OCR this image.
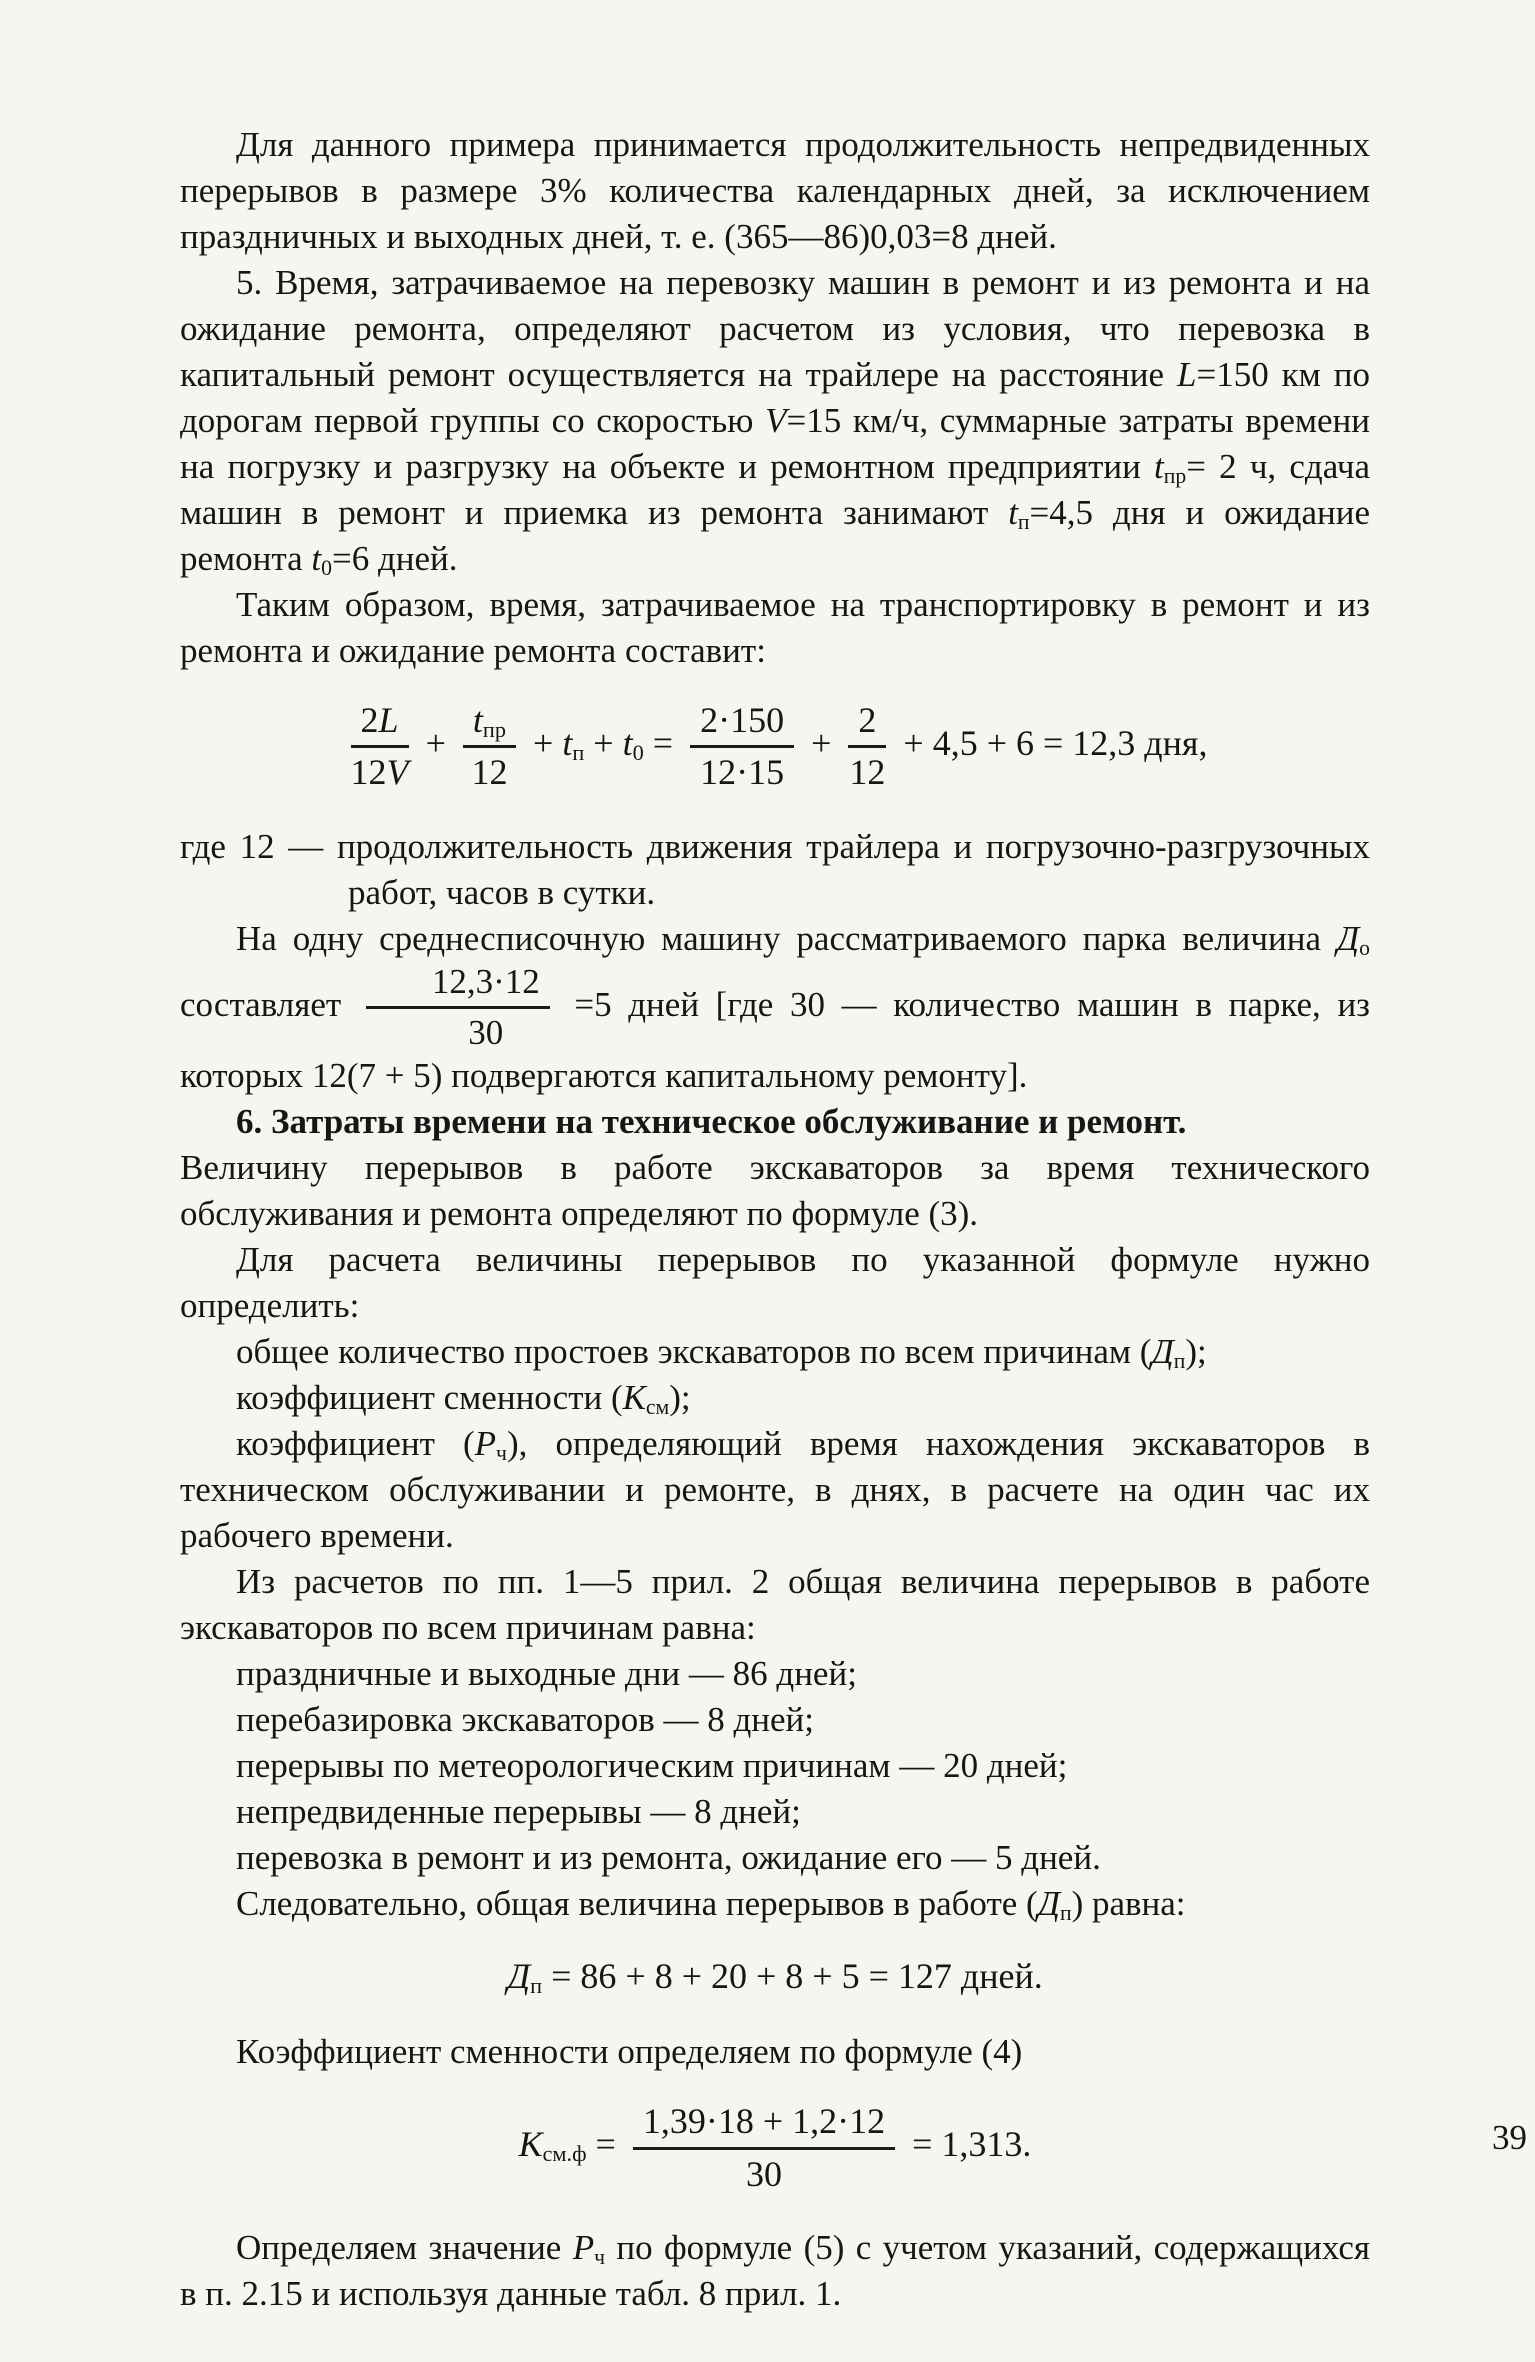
Для данного примера принимается продолжительность непредвиденных перерывов в размере 3% количества календарных дней, за исключением праздничных и выходных дней, т. е. (365—86)0,03=8 дней.

5. Время, затрачиваемое на перевозку машин в ремонт и из ремонта и на ожидание ремонта, определяют расчетом из условия, что перевозка в капитальный ремонт осуществляется на трайлере на расстояние L=150 км по дорогам первой группы со скоростью V=15 км/ч, суммарные затраты времени на погрузку и разгрузку на объекте и ремонтном предприятии $t_{пр}= 2$ ч, сдача машин в ремонт и приемка из ремонта занимают $t_п=4,5$ дня и ожидание ремонта $t_0=6$ дней.

Таким образом, время, затрачиваемое на транспортировку в ремонт и из ремонта и ожидание ремонта составит:

$\frac{2L}{12V} + \frac{t_{пр}}{12} + t_п + t_0 = \frac{2\cdot 150}{12\cdot 15} + \frac{2}{12} + 4,5 + 6 = 12,3$ дня,

где 12 — продолжительность движения трайлера и погрузочно-разгрузочных работ, часов в сутки.

На одну среднесписочную машину рассматриваемого парка величина $Д_о$ составляет $\frac{12,3\cdot 12}{30} =5$ дней [где 30 — количество машин в парке, из которых 12(7 + 5) подвергаются капитальному ремонту].

6. Затраты времени на техническое обслуживание и ремонт.

Величину перерывов в работе экскаваторов за время технического обслуживания и ремонта определяют по формуле (3).

Для расчета величины перерывов по указанной формуле нужно определить:

общее количество простоев экскаваторов по всем причинам $(Д_п)$;

коэффициент сменности $(К_{см})$;

коэффициент $(Р_ч)$, определяющий время нахождения экскаваторов в техническом обслуживании и ремонте, в днях, в расчете на один час их рабочего времени.

Из расчетов по пп. 1—5 прил. 2 общая величина перерывов в работе экскаваторов по всем причинам равна:

праздничные и выходные дни — 86 дней;

перебазировка экскаваторов — 8 дней;

перерывы по метеорологическим причинам — 20 дней;

непредвиденные перерывы — 8 дней;

перевозка в ремонт и из ремонта, ожидание его — 5 дней.

Следовательно, общая величина перерывов в работе $(Д_п)$ равна:

$Д_п = 86 + 8 + 20 + 8 + 5 = 127$ дней.

Коэффициент сменности определяем по формуле (4)

$К_{см.ф} = \frac{1,39\cdot 18 + 1,2\cdot 12}{30} = 1,313$.

Определяем значение $Р_ч$ по формуле (5) с учетом указаний, содержащихся в п. 2.15 и используя данные табл. 8 прил. 1.

39
